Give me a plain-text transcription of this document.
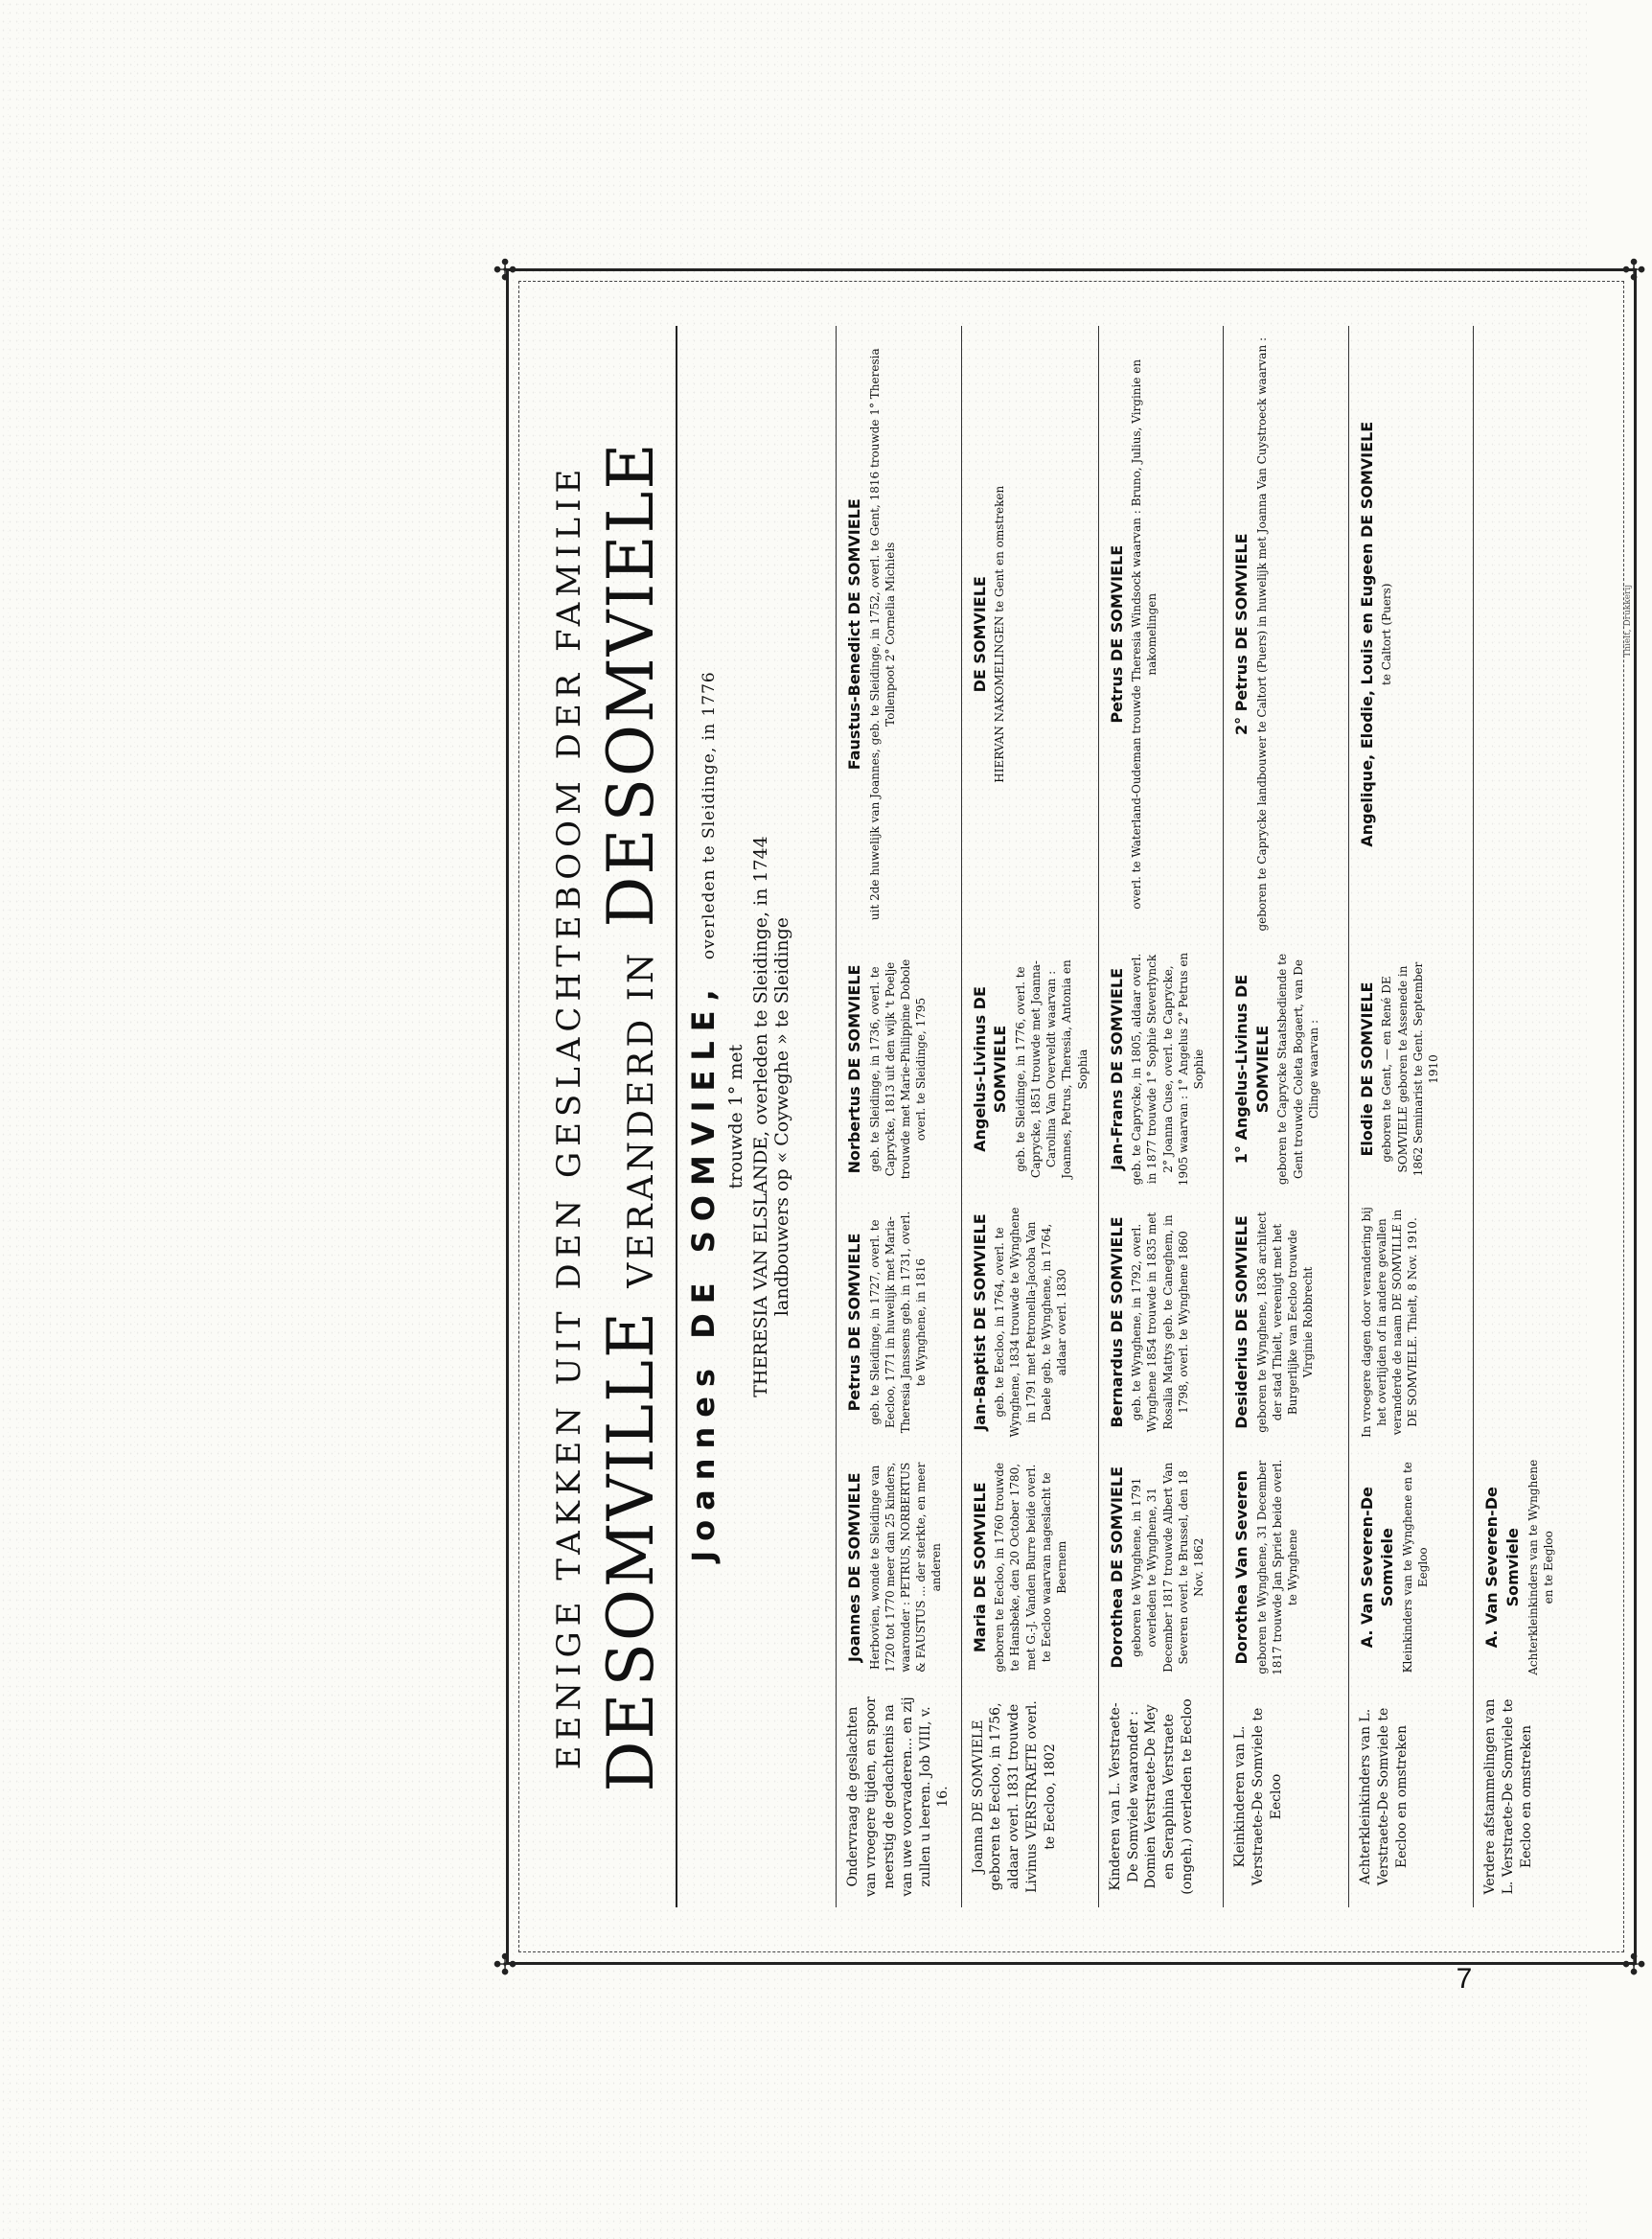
✣
✣
✣
✣
EENIGE TAKKEN UIT DEN GESLACHTEBOOM DER FAMILIE DE SOMVILLE VERANDERD IN DE SOMVIELE
Joannes DE SOMVIELE, overleden te Sleidinge, in 1776
trouwde 1° met THERESIA VAN ELSLANDE, overleden te Sleidinge, in 1744 landbouwers op « Coyweghe » te Sleidinge
Ondervraag de geslachten van vroegere tijden, en spoor neerstig de gedachtenis na van uwe voorvaderen... en zij zullen u leeren. Job VIII, v. 16.
Joannes DE SOMVIELE Herbovien, wonde te Sleidinge van 1720 tot 1770 meer dan 25 kinders, waaronder : PETRUS, NORBERTUS & FAUSTUS ... der sterkte, en meer anderen
Petrus DE SOMVIELE geb. te Sleidinge, in 1727, overl. te Eecloo, 1771 in huwelijk met Maria-Theresia Janssens geb. in 1731, overl. te Wynghene, in 1816
Norbertus DE SOMVIELE geb. te Sleidinge, in 1736, overl. te Caprycke, 1813 uit den wijk 't Poelje trouwde met Marie-Philippine Dobole overl. te Sleidinge, 1795
Faustus-Benedict DE SOMVIELE uit 2de huwelijk van Joannes, geb. te Sleidinge, in 1752, overl. te Gent, 1816 trouwde 1° Theresia Tollenpoot 2° Cornelia Michiels
Joanna DE SOMVIELE geboren te Eecloo, in 1756, aldaar overl. 1831 trouwde Livinus VERSTRAETE overl. te Eecloo, 1802
Maria DE SOMVIELE geboren te Eecloo, in 1760 trouwde te Hansbeke, den 20 October 1780, met G.-J. Vanden Burre beide overl. te Eecloo waarvan nageslacht te Beernem
Jan-Baptist DE SOMVIELE geb. te Eecloo, in 1764, overl. te Wynghene, 1834 trouwde te Wynghene in 1791 met Petronella-Jacoba Van Daele geb. te Wynghene, in 1764, aldaar overl. 1830
Angelus-Livinus DE SOMVIELE geb. te Sleidinge, in 1776, overl. te Caprycke, 1851 trouwde met Joanna-Carolina Van Overveldt waarvan : Joannes, Petrus, Theresia, Antonia en Sophia
DE SOMVIELE HIERVAN NAKOMELINGEN te Gent en omstreken
Kinderen van L. Verstraete-De Somviele waaronder : Domien Verstraete-De Mey en Seraphina Verstraete (ongeh.) overleden te Eecloo
Dorothea DE SOMVIELE geboren te Wynghene, in 1791 overleden te Wynghene, 31 December 1817 trouwde Albert Van Severen overl. te Brussel, den 18 Nov. 1862
Bernardus DE SOMVIELE geb. te Wynghene, in 1792, overl. Wynghene 1854 trouwde in 1835 met Rosalia Mattys geb. te Caneghem, in 1798, overl. te Wynghene 1860
Jan-Frans DE SOMVIELE geb. te Caprycke, in 1805, aldaar overl. in 1877 trouwde 1° Sophie Steverlynck 2° Joanna Cuse, overl. te Caprycke, 1905 waarvan : 1° Angelus 2° Petrus en Sophie
Petrus DE SOMVIELE overl. te Waterland-Oudeman trouwde Theresia Windsock waarvan : Bruno, Julius, Virginie en nakomelingen
Kleinkinderen van L. Verstraete-De Somviele te Eecloo
Dorothea Van Severen geboren te Wynghene, 31 December 1817 trouwde Jan Spriet beide overl. te Wynghene
Desiderius DE SOMVIELE geboren te Wynghene, 1836 architect der stad Thielt, vereenigt met het Burgerlijke van Eecloo trouwde Virginie Robbrecht
1° Angelus-Livinus DE SOMVIELE geboren te Caprycke Staatsbediende te Gent trouwde Coleta Bogaert, van De Clinge waarvan :
2° Petrus DE SOMVIELE geboren te Caprycke landbouwer te Caltort (Puers) in huwelijk met Joanna Van Cuystroeck waarvan :
Achterkleinkinders van L. Verstraete-De Somviele te Eecloo en omstreken
A. Van Severen-De Somviele Kleinkinders van te Wynghene en te Eegloo
In vroegere dagen door verandering bij het overlijden of in andere gevallen veranderde de naam DE SOMVILLE in DE SOMVIELE. Thielt, 8 Nov. 1910.
Elodie DE SOMVIELE geboren te Gent, — en René DE SOMVIELE geboren te Assenede in 1862 Seminarist te Gent. September 1910
Angelique, Elodie, Louis en Eugeen DE SOMVIELE te Caltort (Puers)
Verdere afstammelingen van L. Verstraete-De Somviele te Eecloo en omstreken
A. Van Severen-De Somviele Achterkleinkinders van te Wynghene en te Eegloo
Thielt, Drukkerij
7
